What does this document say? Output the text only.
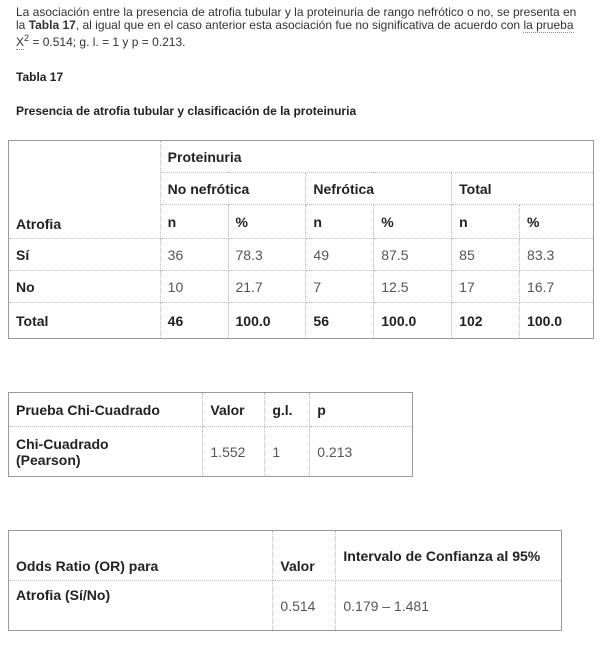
La asociación entre la presencia de atrofia tubular y la proteinuria de rango nefrótico o no, se presenta en la Tabla 17, al igual que en el caso anterior esta asociación fue no significativa de acuerdo con la prueba $X^2 = 0.514$; g. l. = 1 y p = 0.213.
Tabla 17
Presencia de atrofia tubular y clasificación de la proteinuria
Atrofia	Proteinuria					
	No nefrótica		Nefrótica		Total	
	n	%	n	%	n	%
Sí	36	78.3	49	87.5	85	83.3
No	10	21.7	7	12.5	17	16.7
Total	46	100.0	56	100.0	102	100.0
Prueba Chi-Cuadrado	Valor	g.l.	p
Chi-Cuadrado
(Pearson)	1.552	1	0.213
Odds Ratio (OR) para	Valor	Intervalo de Confianza al 95%
Atrofia (Sí/No)	0.514	0.179 – 1.481
